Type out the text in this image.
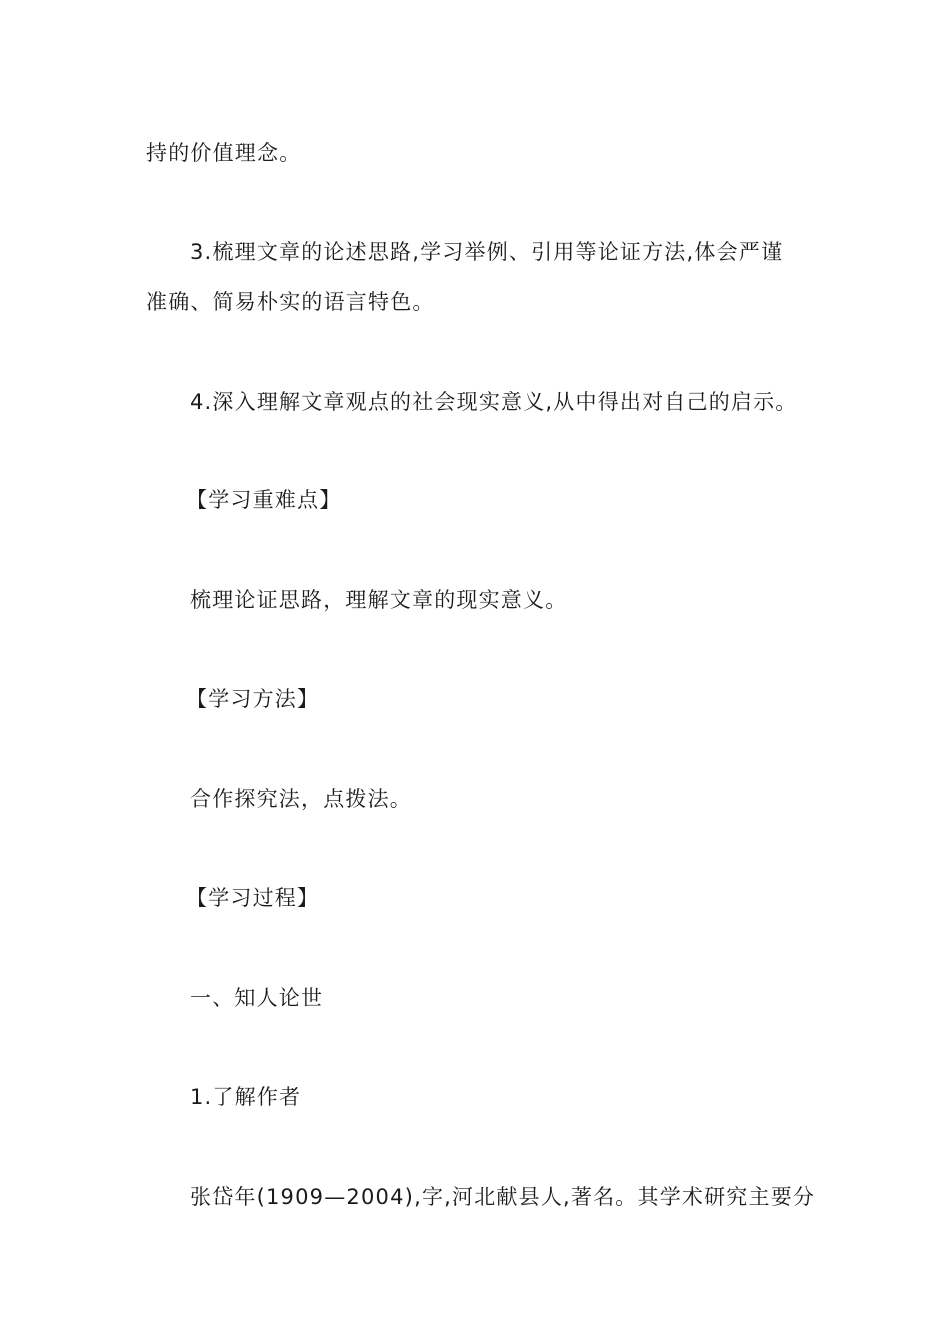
持的价值理念。
3.梳理文章的论述思路,学习举例、引用等论证方法,体会严谨
准确、简易朴实的语言特色。
4.深入理解文章观点的社会现实意义,从中得出对自己的启示。
【学习重难点】
梳理论证思路，理解文章的现实意义。
【学习方法】
合作探究法，点拨法。
【学习过程】
一、知人论世
1.了解作者
张岱年(1909—2004),字,河北献县人,著名。其学术研究主要分
